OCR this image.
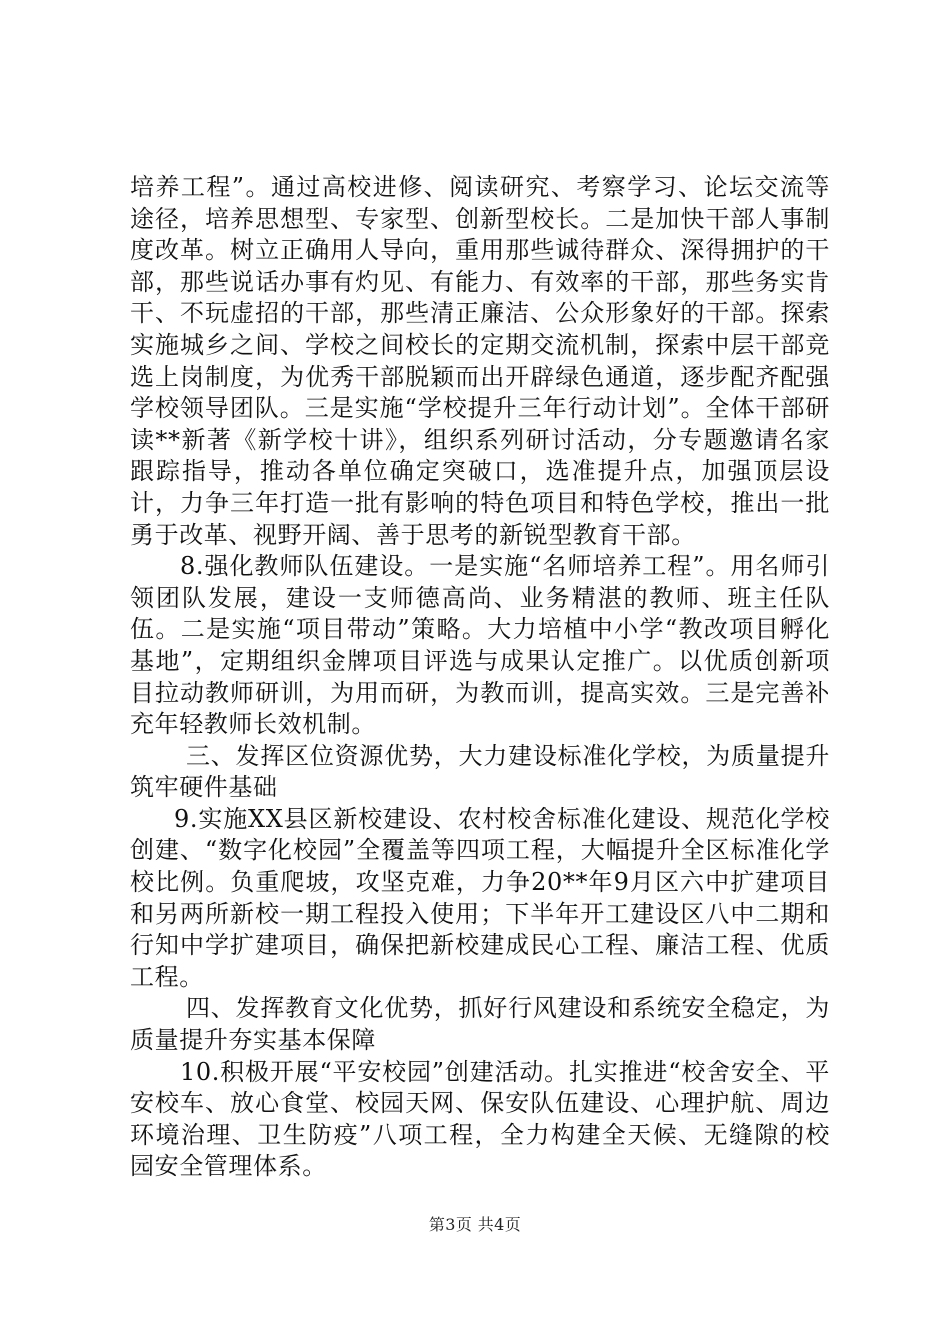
培养工程”。通过高校进修、阅读研究、考察学习、论坛交流等途径，培养思想型、专家型、创新型校长。二是加快干部人事制度改革。树立正确用人导向，重用那些诚待群众、深得拥护的干部，那些说话办事有灼见、有能力、有效率的干部，那些务实肯干、不玩虚招的干部，那些清正廉洁、公众形象好的干部。探索实施城乡之间、学校之间校长的定期交流机制，探索中层干部竞选上岗制度，为优秀干部脱颖而出开辟绿色通道，逐步配齐配强学校领导团队。三是实施“学校提升三年行动计划”。全体干部研读**新著《新学校十讲》，组织系列研讨活动，分专题邀请名家跟踪指导，推动各单位确定突破口，选准提升点，加强顶层设计，力争三年打造一批有影响的特色项目和特色学校，推出一批勇于改革、视野开阔、善于思考的新锐型教育干部。

8.强化教师队伍建设。一是实施“名师培养工程”。用名师引领团队发展，建设一支师德高尚、业务精湛的教师、班主任队伍。二是实施“项目带动”策略。大力培植中小学“教改项目孵化基地”，定期组织金牌项目评选与成果认定推广。以优质创新项目拉动教师研训，为用而研，为教而训，提高实效。三是完善补充年轻教师长效机制。

三、发挥区位资源优势，大力建设标准化学校，为质量提升筑牢硬件基础

9.实施XX县区新校建设、农村校舍标准化建设、规范化学校创建、“数字化校园”全覆盖等四项工程，大幅提升全区标准化学校比例。负重爬坡，攻坚克难，力争20**年9月区六中扩建项目和另两所新校一期工程投入使用；下半年开工建设区八中二期和行知中学扩建项目，确保把新校建成民心工程、廉洁工程、优质工程。

四、发挥教育文化优势，抓好行风建设和系统安全稳定，为质量提升夯实基本保障

10.积极开展“平安校园”创建活动。扎实推进“校舍安全、平安校车、放心食堂、校园天网、保安队伍建设、心理护航、周边环境治理、卫生防疫”八项工程，全力构建全天候、无缝隙的校园安全管理体系。

第3页 共4页
